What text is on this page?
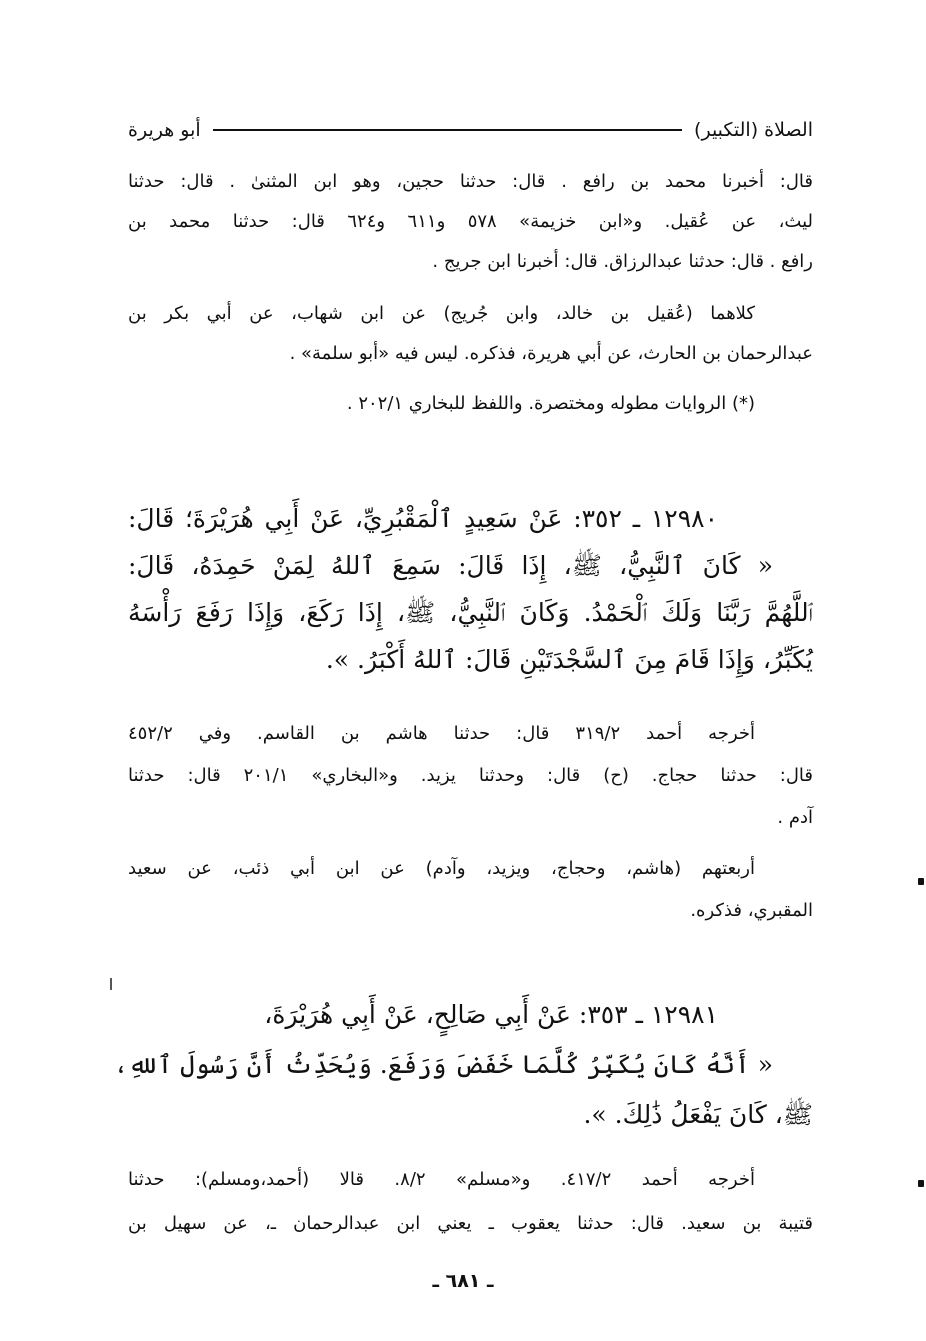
الصلاة (التكبير)
أبو هريرة
قال: أخبرنا محمد بن رافع . قال: حدثنا حجين، وهو ابن المثنىٰ . قال: حدثنا
ليث، عن عُقيل. و«ابن خزيمة» ٥٧٨ و٦١١ و٦٢٤ قال: حدثنا محمد بن
رافع . قال: حدثنا عبدالرزاق. قال: أخبرنا ابن جريج .
كلاهما (عُقيل بن خالد، وابن جُريج) عن ابن شهاب، عن أبي بكر بن
عبدالرحمان بن الحارث، عن أبي هريرة، فذكره. ليس فيه «أبو سلمة» .
(*) الروايات مطوله ومختصرة. واللفظ للبخاري ٢٠٢/١ .
١٢٩٨٠ ـ ٣٥٢: عَنْ سَعِيدٍ ٱلْمَقْبُرِيِّ، عَنْ أَبِي هُرَيْرَةَ؛ قَالَ:
« كَانَ ٱلنَّبِيُّ، ﷺ، إِذَا قَالَ: سَمِعَ ٱللهُ لِمَنْ حَمِدَهُ، قَالَ:
ٱللَّهُمَّ رَبَّنَا وَلَكَ ٱلْحَمْدُ. وَكَانَ ٱلنَّبِيُّ، ﷺ، إِذَا رَكَعَ، وَإِذَا رَفَعَ رَأْسَهُ
يُكَبِّرُ، وَإِذَا قَامَ مِنَ ٱلسَّجْدَتَيْنِ قَالَ: ٱللهُ أَكْبَرُ. ».
أخرجه أحمد ٣١٩/٢ قال: حدثنا هاشم بن القاسم. وفي ٤٥٢/٢
قال: حدثنا حجاج. (ح) قال: وحدثنا يزيد. و«البخاري» ٢٠١/١ قال: حدثنا
آدم .
أربعتهم (هاشم، وحجاج، ويزيد، وآدم) عن ابن أبي ذئب، عن سعيد
المقبري، فذكره.
١٢٩٨١ ـ ٣٥٣: عَنْ أَبِي صَالِحٍ، عَنْ أَبِي هُرَيْرَةَ،
« أَنَّهُ كَانَ يُكَبِّرُ كُلَّمَا خَفَضَ وَرَفَعَ. وَيُحَدِّثُ أَنَّ رَسُولَ ٱللهِ،
ﷺ، كَانَ يَفْعَلُ ذَٰلِكَ. ».
أخرجه أحمد ٤١٧/٢. و«مسلم» ٨/٢. قالا (أحمد،ومسلم): حدثنا
قتيبة بن سعيد. قال: حدثنا يعقوب ـ يعني ابن عبدالرحمان ـ، عن سهيل بن
ـ ٦٨١ ـ
